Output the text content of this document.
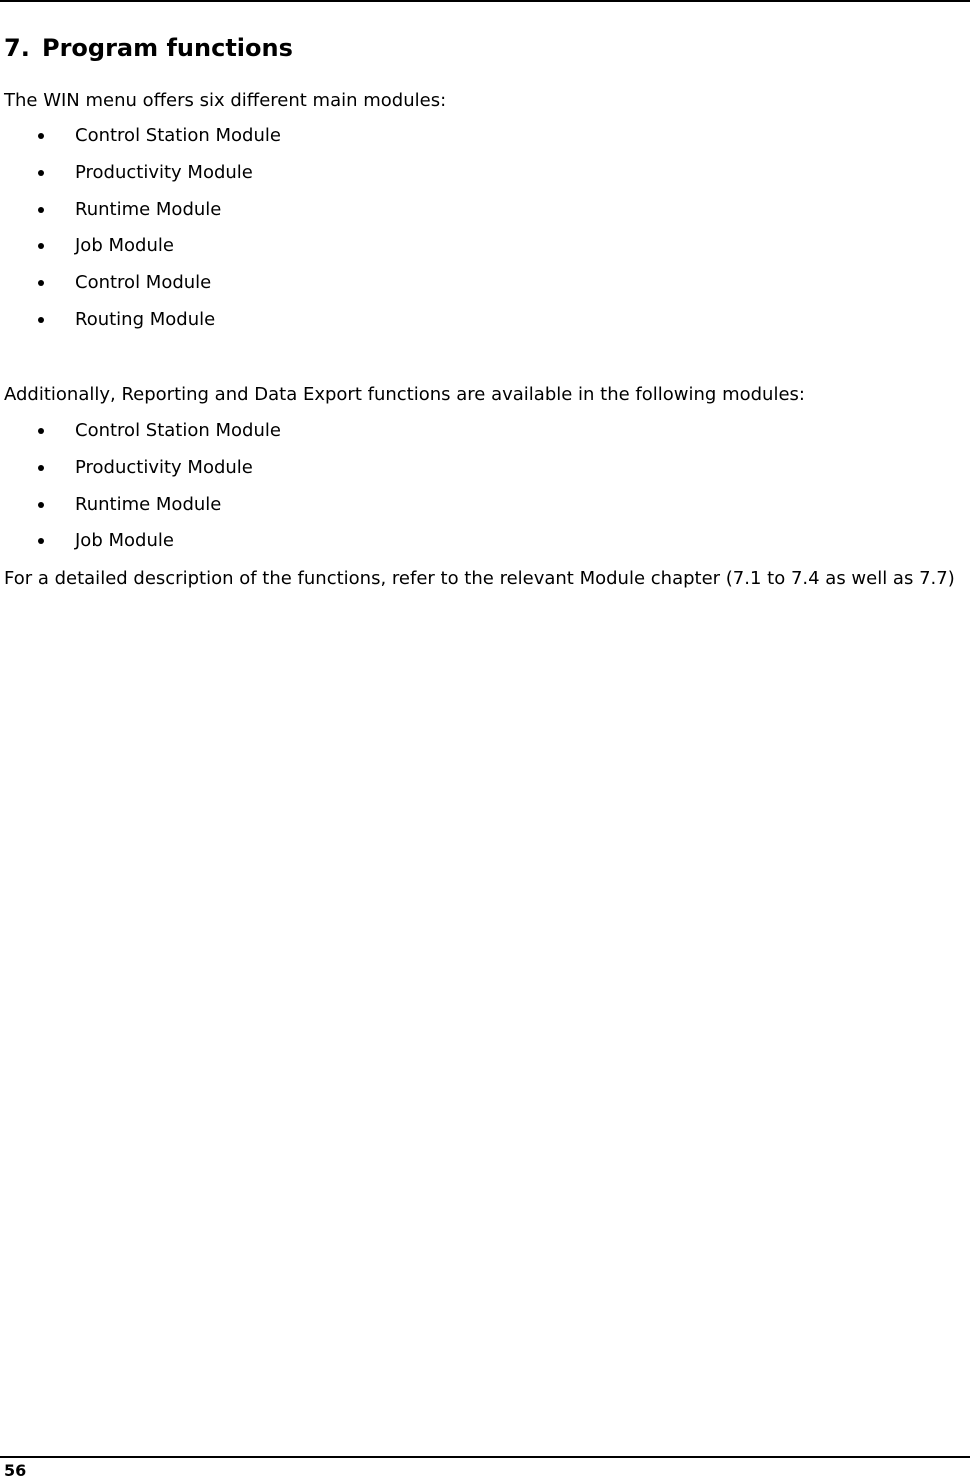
7. Program functions

The WIN menu offers six different main modules:

Control Station Module
Productivity Module
Runtime Module
Job Module
Control Module
Routing Module

Additionally, Reporting and Data Export functions are available in the following modules:

Control Station Module
Productivity Module
Runtime Module
Job Module

For a detailed description of the functions, refer to the relevant Module chapter (7.1 to 7.4 as well as 7.7)

56
